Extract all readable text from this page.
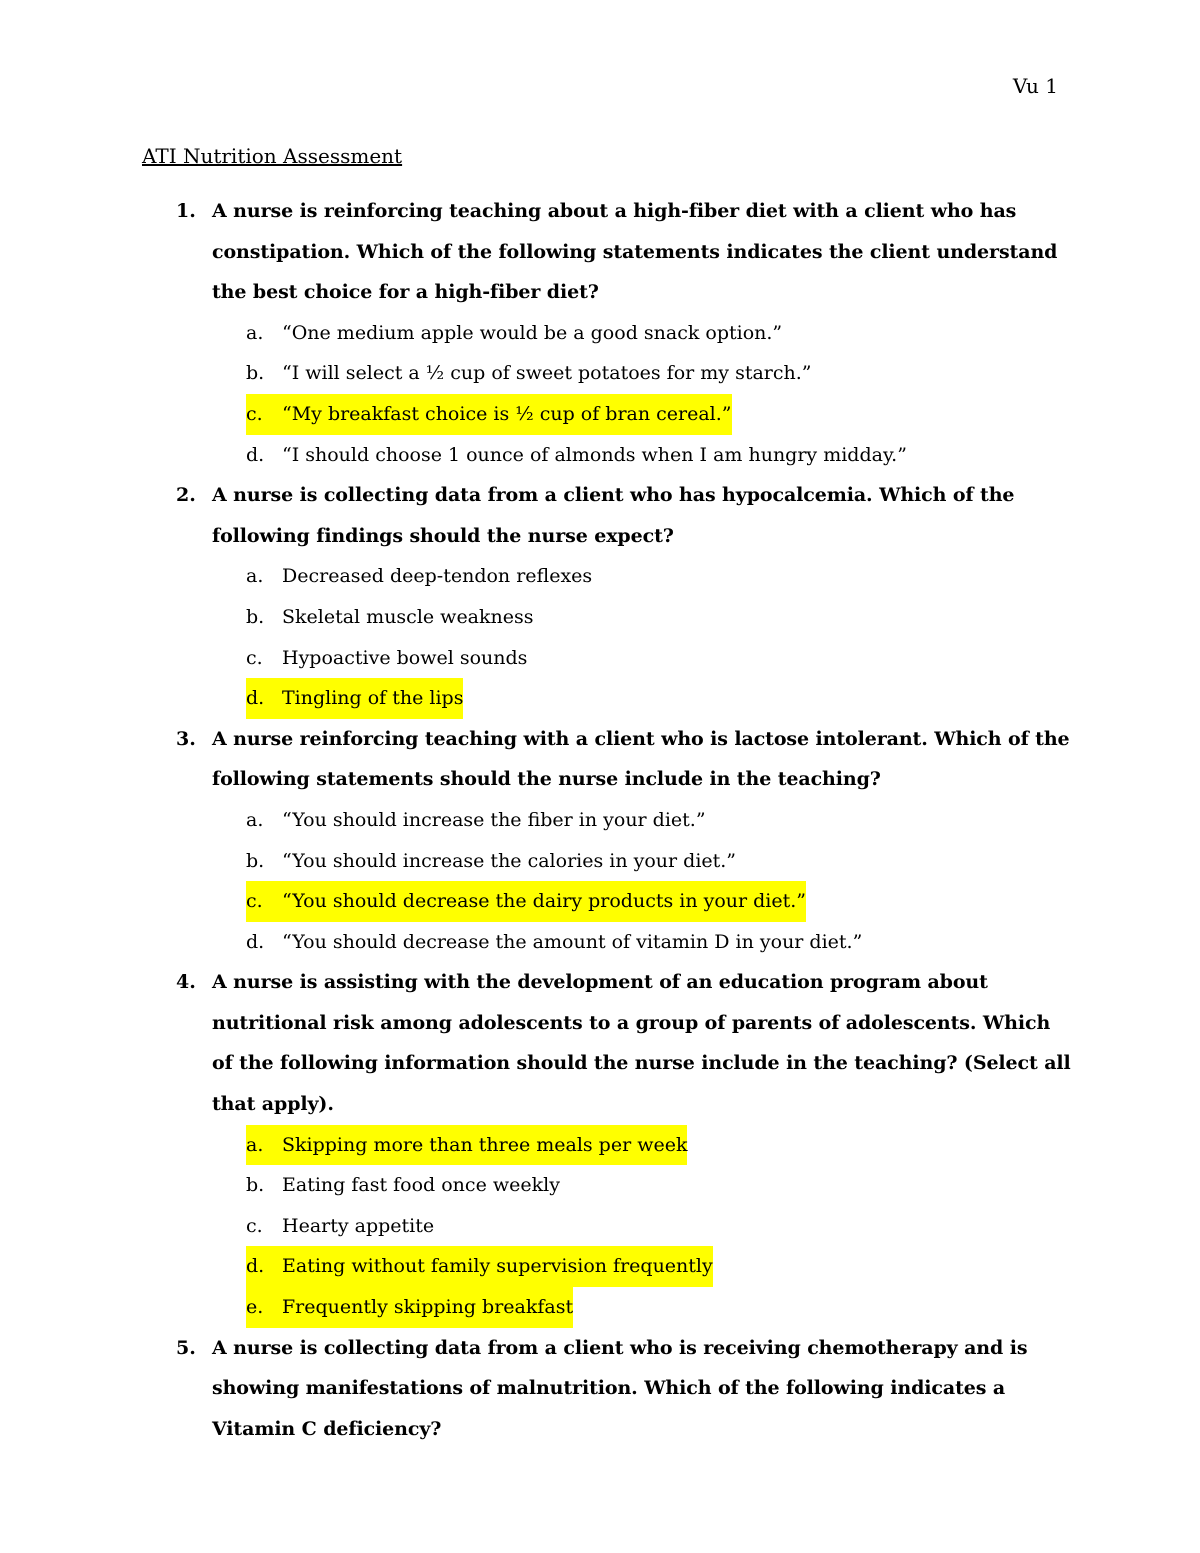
Vu 1
ATI Nutrition Assessment
1. A nurse is reinforcing teaching about a high-fiber diet with a client who has constipation. Which of the following statements indicates the client understand the best choice for a high-fiber diet?
a. “One medium apple would be a good snack option.”
b. “I will select a ½ cup of sweet potatoes for my starch.”
c. “My breakfast choice is ½ cup of bran cereal.”
d. “I should choose 1 ounce of almonds when I am hungry midday.”
2. A nurse is collecting data from a client who has hypocalcemia. Which of the following findings should the nurse expect?
a. Decreased deep-tendon reflexes
b. Skeletal muscle weakness
c. Hypoactive bowel sounds
d. Tingling of the lips
3. A nurse reinforcing teaching with a client who is lactose intolerant. Which of the following statements should the nurse include in the teaching?
a. “You should increase the fiber in your diet.”
b. “You should increase the calories in your diet.”
c. “You should decrease the dairy products in your diet.”
d. “You should decrease the amount of vitamin D in your diet.”
4. A nurse is assisting with the development of an education program about nutritional risk among adolescents to a group of parents of adolescents. Which of the following information should the nurse include in the teaching? (Select all that apply).
a. Skipping more than three meals per week
b. Eating fast food once weekly
c. Hearty appetite
d. Eating without family supervision frequently
e. Frequently skipping breakfast
5. A nurse is collecting data from a client who is receiving chemotherapy and is showing manifestations of malnutrition. Which of the following indicates a Vitamin C deficiency?
